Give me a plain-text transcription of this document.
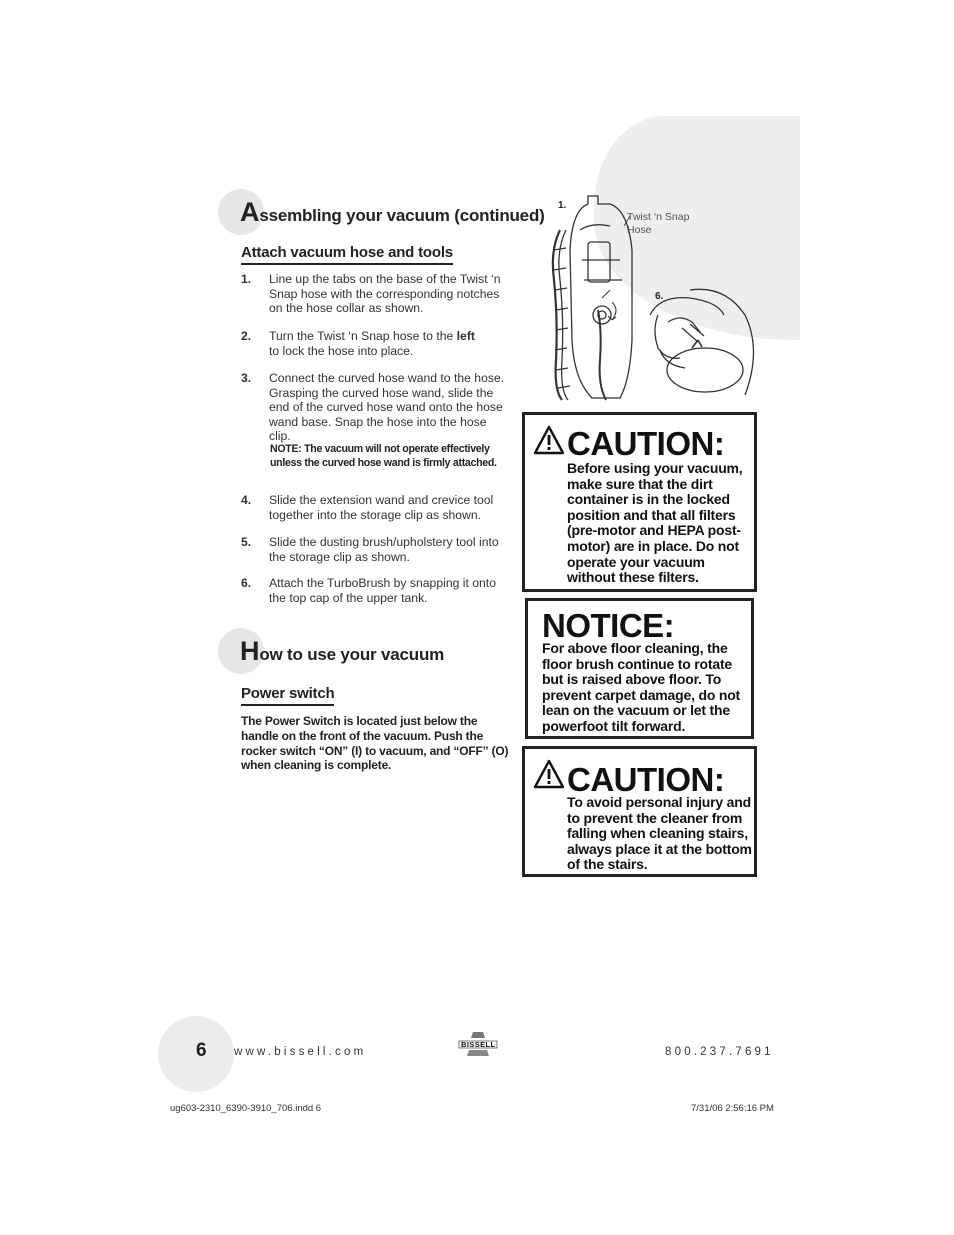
Assembling your vacuum (continued)
Attach vacuum hose and tools
1. Line up the tabs on the base of the Twist ‘n Snap hose with the corresponding notches on the hose collar as shown.
2. Turn the Twist ‘n Snap hose to the left
to lock the hose into place.
3. Connect the curved hose wand to the hose. Grasping the curved hose wand, slide the end of the curved hose wand onto the hose wand base. Snap the hose into the hose clip.
NOTE: The vacuum will not operate effectively unless the curved hose wand is firmly attached.
4. Slide the extension wand and crevice tool together into the storage clip as shown.
5. Slide the dusting brush/upholstery tool into the storage clip as shown.
6. Attach the TurboBrush by snapping it onto the top cap of the upper tank.
How to use your vacuum
Power switch
The Power Switch is located just below the handle on the front of the vacuum. Push the rocker switch “ON” (I) to vacuum, and “OFF” (O) when cleaning is complete.
1.
Twist ‘n Snap Hose
6.
CAUTION:
Before using your vacuum, make sure that the dirt container is in the locked position and that all filters (pre-motor and HEPA post-motor) are in place. Do not operate your vacuum without these filters.
NOTICE:
For above floor cleaning, the floor brush continue to rotate but is raised above floor. To prevent carpet damage, do not lean on the vacuum or let the powerfoot tilt forward.
CAUTION:
To avoid personal injury and to prevent the cleaner from falling when cleaning stairs, always place it at the bottom of the stairs.
6 www.bissell.com
BISSELL
800.237.7691
ug603-2310_6390-3910_706.indd 6	7/31/06 2:56:16 PM
